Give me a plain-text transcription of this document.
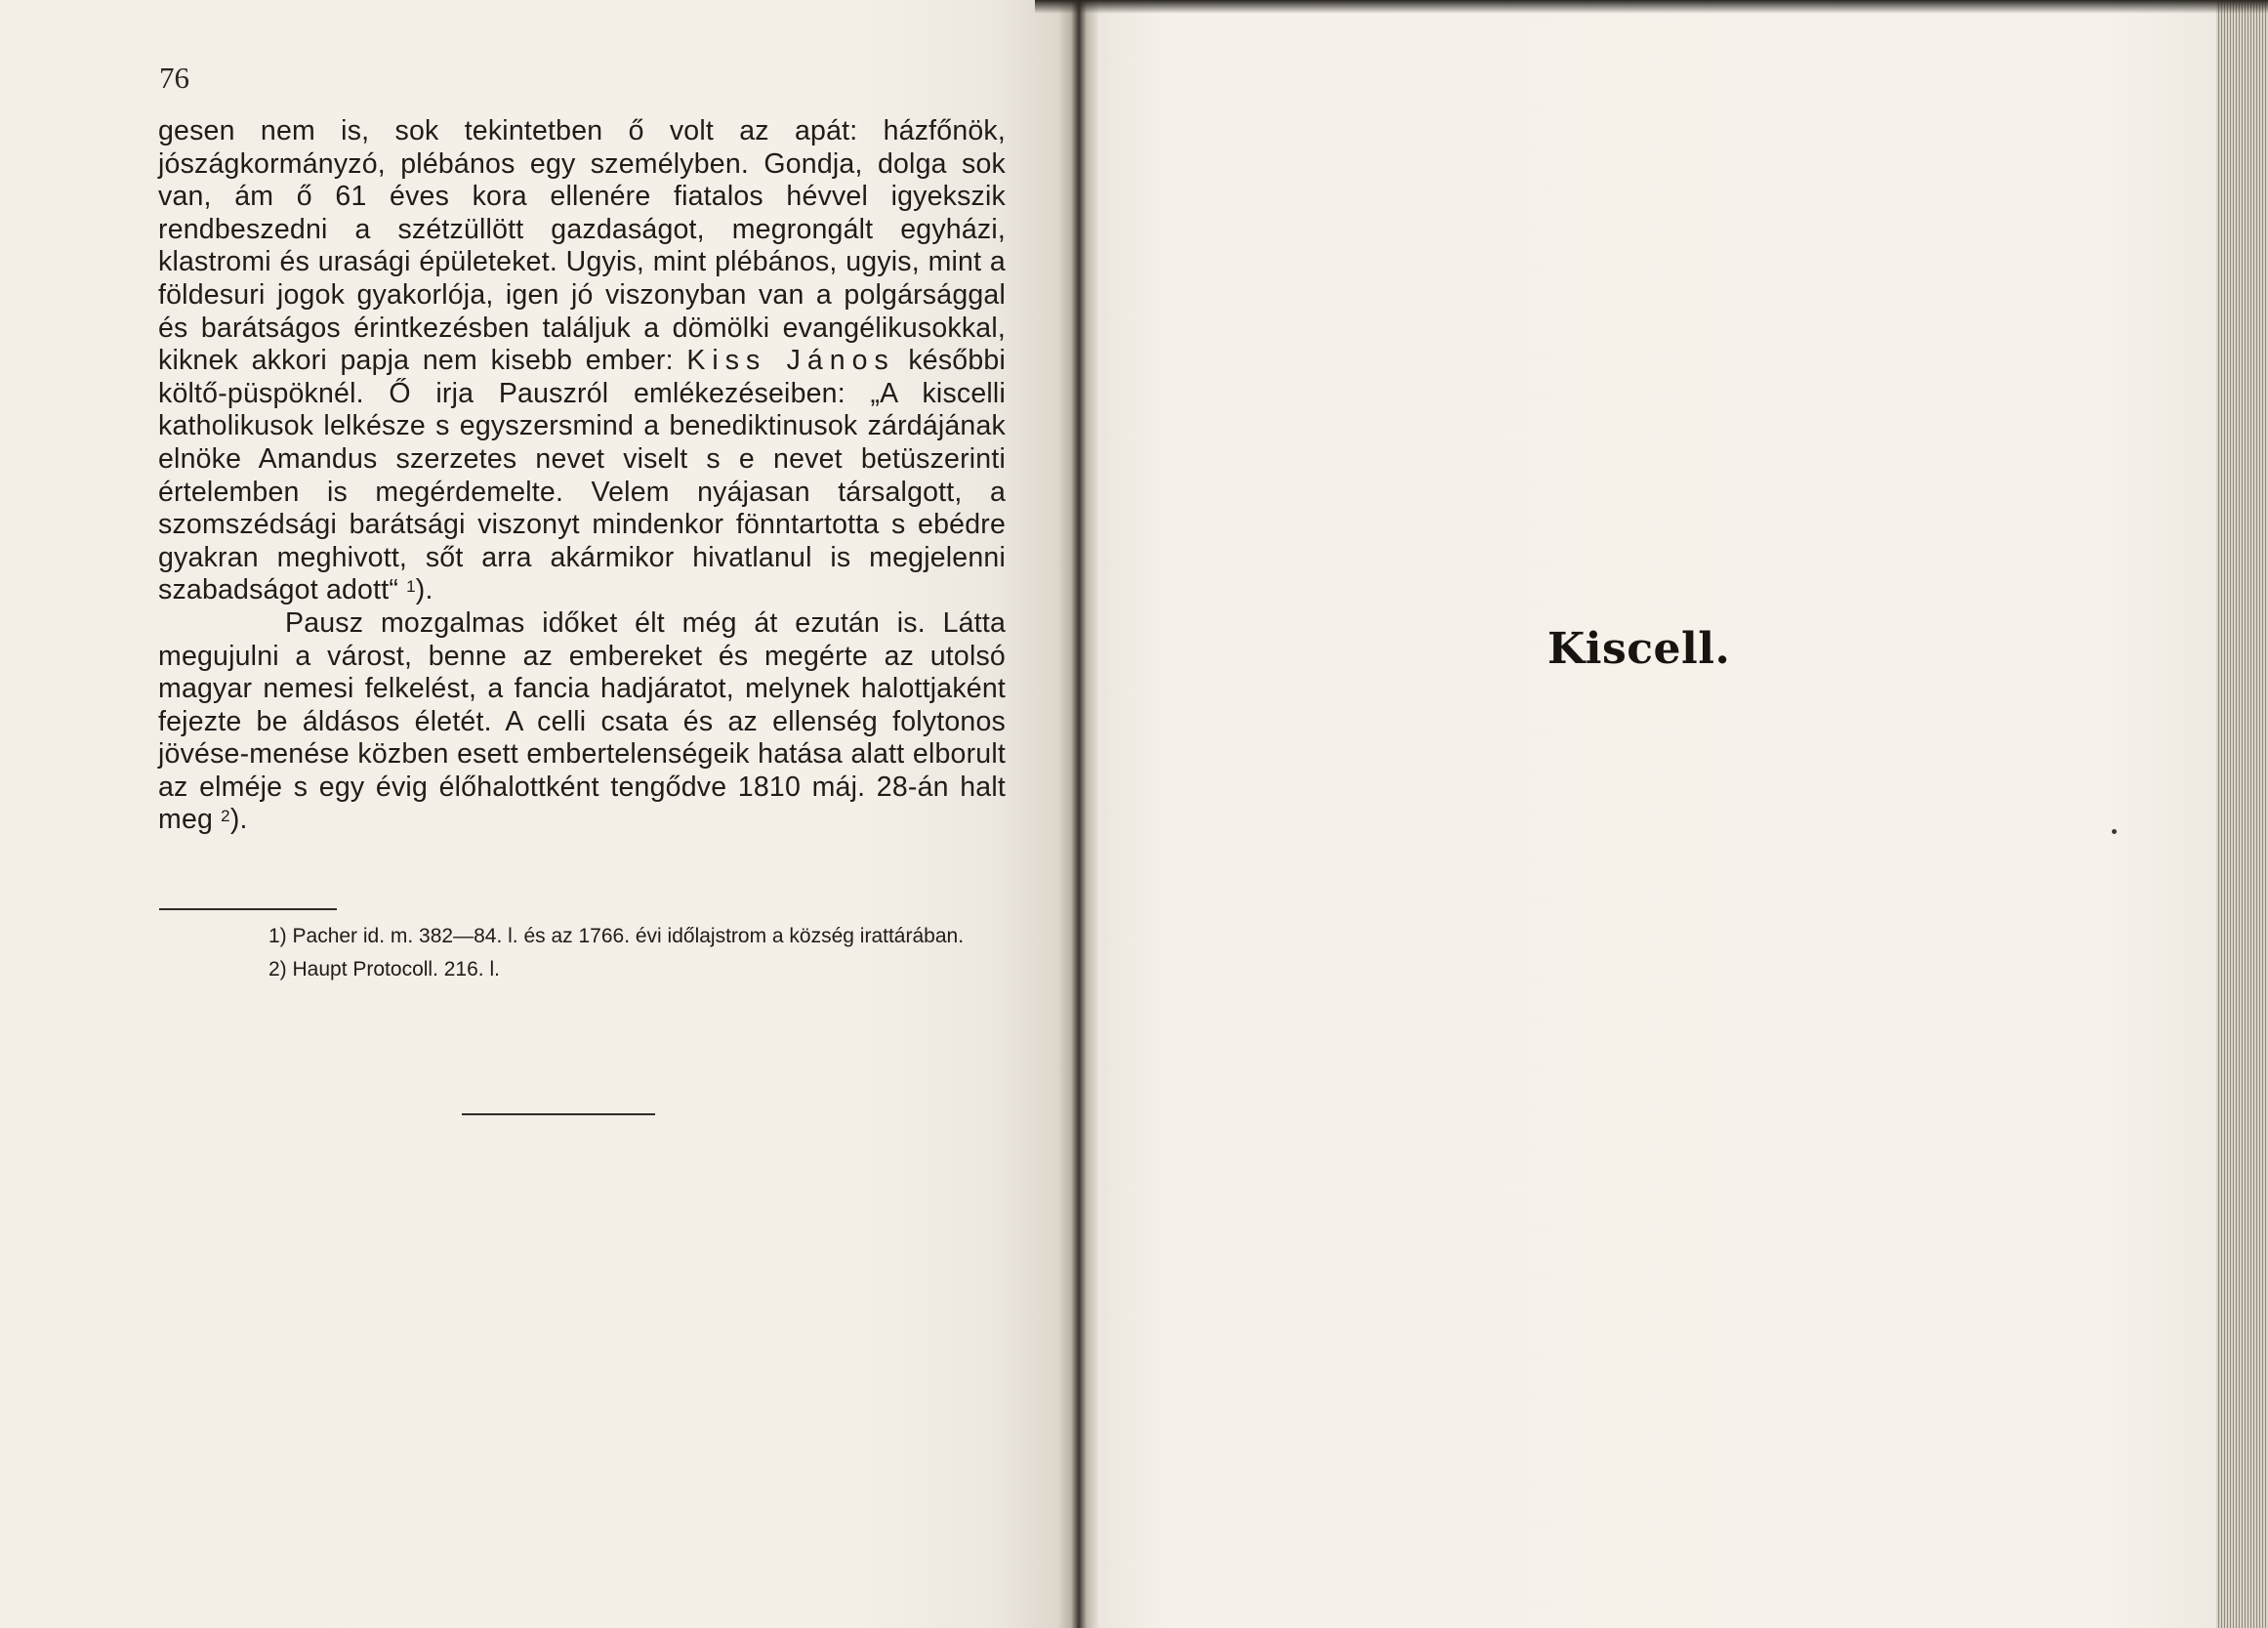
76

gesen nem is, sok tekintetben ő volt az apát: házfőnök, jószágkormányzó, plébános egy személyben. Gondja, dolga sok van, ám ő 61 éves kora ellenére fiatalos hévvel igyekszik rendbeszedni a szétzüllött gazdaságot, megrongált egyházi, klastromi és urasági épületeket. Ugyis, mint plébános, ugyis, mint a földesuri jogok gyakorlója, igen jó viszonyban van a polgársággal és barátságos érintkezésben találjuk a dömölki evangélikusokkal, kiknek akkori papja nem kisebb ember: Kiss János későbbi költő-püspöknél. Ő irja Pauszról emlékezéseiben: „A kiscelli katholikusok lelkésze s egyszersmind a benediktinusok zárdájának elnöke Amandus szerzetes nevet viselt s e nevet betüszerinti értelemben is megérdemelte. Velem nyájasan társalgott, a szomszédsági barátsági viszonyt mindenkor fönntartotta s ebédre gyakran meghivott, sőt arra akármikor hivatlanul is megjelenni szabadságot adott“ $^1$).

Pausz mozgalmas időket élt még át ezután is. Látta megujulni a várost, benne az embereket és megérte az utolsó magyar nemesi felkelést, a fancia hadjáratot, melynek halottjaként fejezte be áldásos életét. A celli csata és az ellenség folytonos jövése-menése közben esett embertelenségeik hatása alatt elborult az elméje s egy évig élőhalottként tengődve 1810 máj. 28-án halt meg $^2$).

1) Pacher id. m. 382—84. l. és az 1766. évi időlajstrom a község irattárában.

2) Haupt Protocoll. 216. l.

Kiscell.
